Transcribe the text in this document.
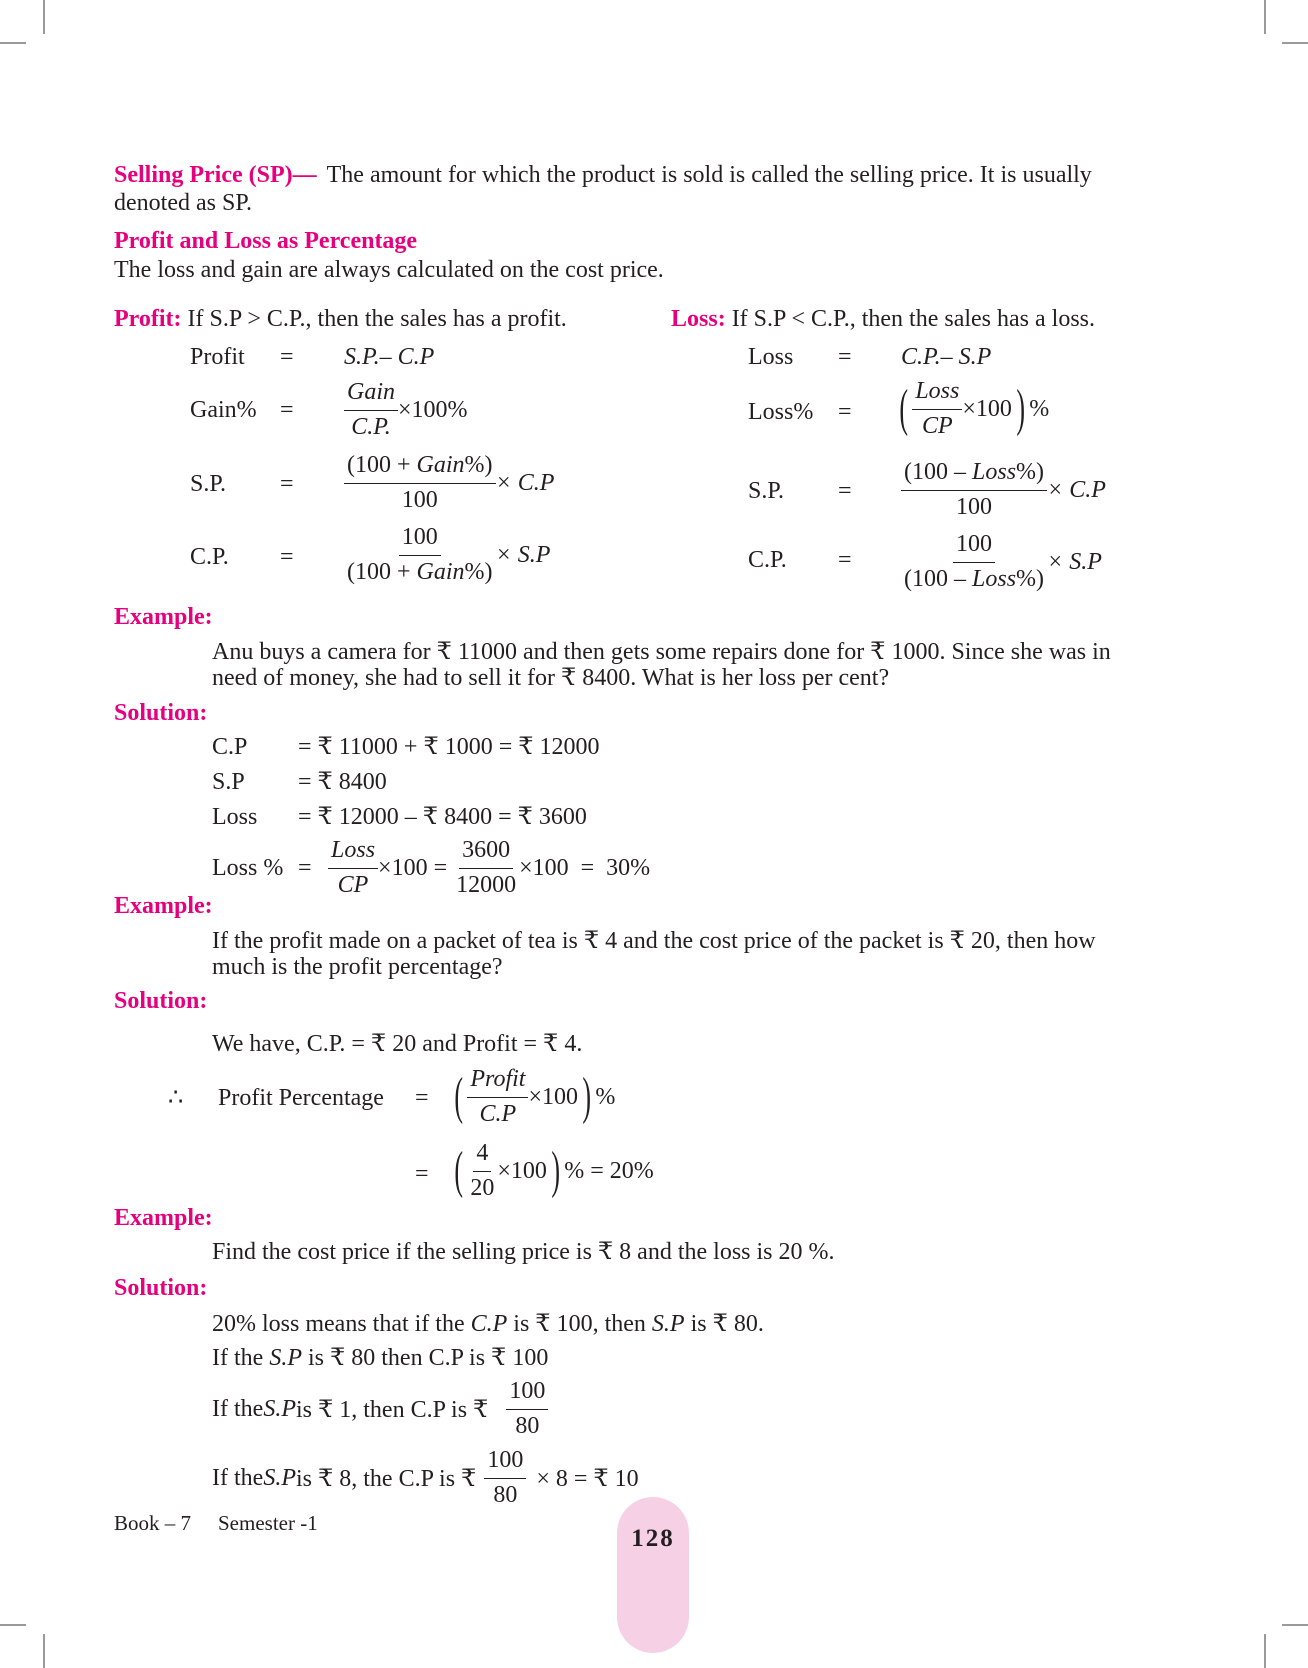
Selling Price (SP)— The amount for which the product is sold is called the selling price. It is usually
denoted as SP.
Profit and Loss as Percentage
The loss and gain are always calculated on the cost price.
Profit: If S.P > C.P., then the sales has a profit.
Profit = S.P.– C.P
Gain% = $\frac{\text{Gain}}{C.P.} \times 100\%$
S.P. = $\frac{\text{(100 + Gain\%)}}{100} \times C.P$
C.P. = $\frac{100}{\text{(100 + Gain\%)}} \times S.P$
Loss: If S.P < C.P., then the sales has a loss.
Loss = C.P.– S.P
Loss% = ( $\frac{\text{Loss}}{CP} \times 100$ ) %
S.P. = $\frac{\text{(100 – Loss\%)}}{100} \times C.P$
C.P. = $\frac{100}{\text{(100 – Loss\%)}} \times S.P$
Example:
Anu buys a camera for ₹ 11000 and then gets some repairs done for ₹ 1000. Since she was in
need of money, she had to sell it for ₹ 8400. What is her loss per cent?
Solution:
C.P = ₹ 11000 + ₹ 1000 = ₹ 12000
S.P = ₹ 8400
Loss = ₹ 12000 – ₹ 8400 = ₹ 3600
Loss % = $\frac{\text{Loss}}{CP} \times 100 = \frac{3600}{12000} \times 100 = 30\%$
Example:
If the profit made on a packet of tea is ₹ 4 and the cost price of the packet is ₹ 20, then how
much is the profit percentage?
Solution:
We have, C.P. = ₹ 20 and Profit = ₹ 4.
∴ Profit Percentage = ( $\frac{\text{Profit}}{C.P} \times 100$ ) %
= ( $\frac{4}{20} \times 100$ ) % = 20%
Example:
Find the cost price if the selling price is ₹ 8 and the loss is 20 %.
Solution:
20% loss means that if the C.P is ₹ 100, then S.P is ₹ 80.
If the S.P is ₹ 80 then C.P is ₹ 100
If the S.P is ₹ 1, then C.P is ₹ $\frac{100}{80}$
If the S.P is ₹ 8, the C.P is ₹ $\frac{100}{80} \times 8$ = ₹ 10
Book – 7 Semester -1
128
